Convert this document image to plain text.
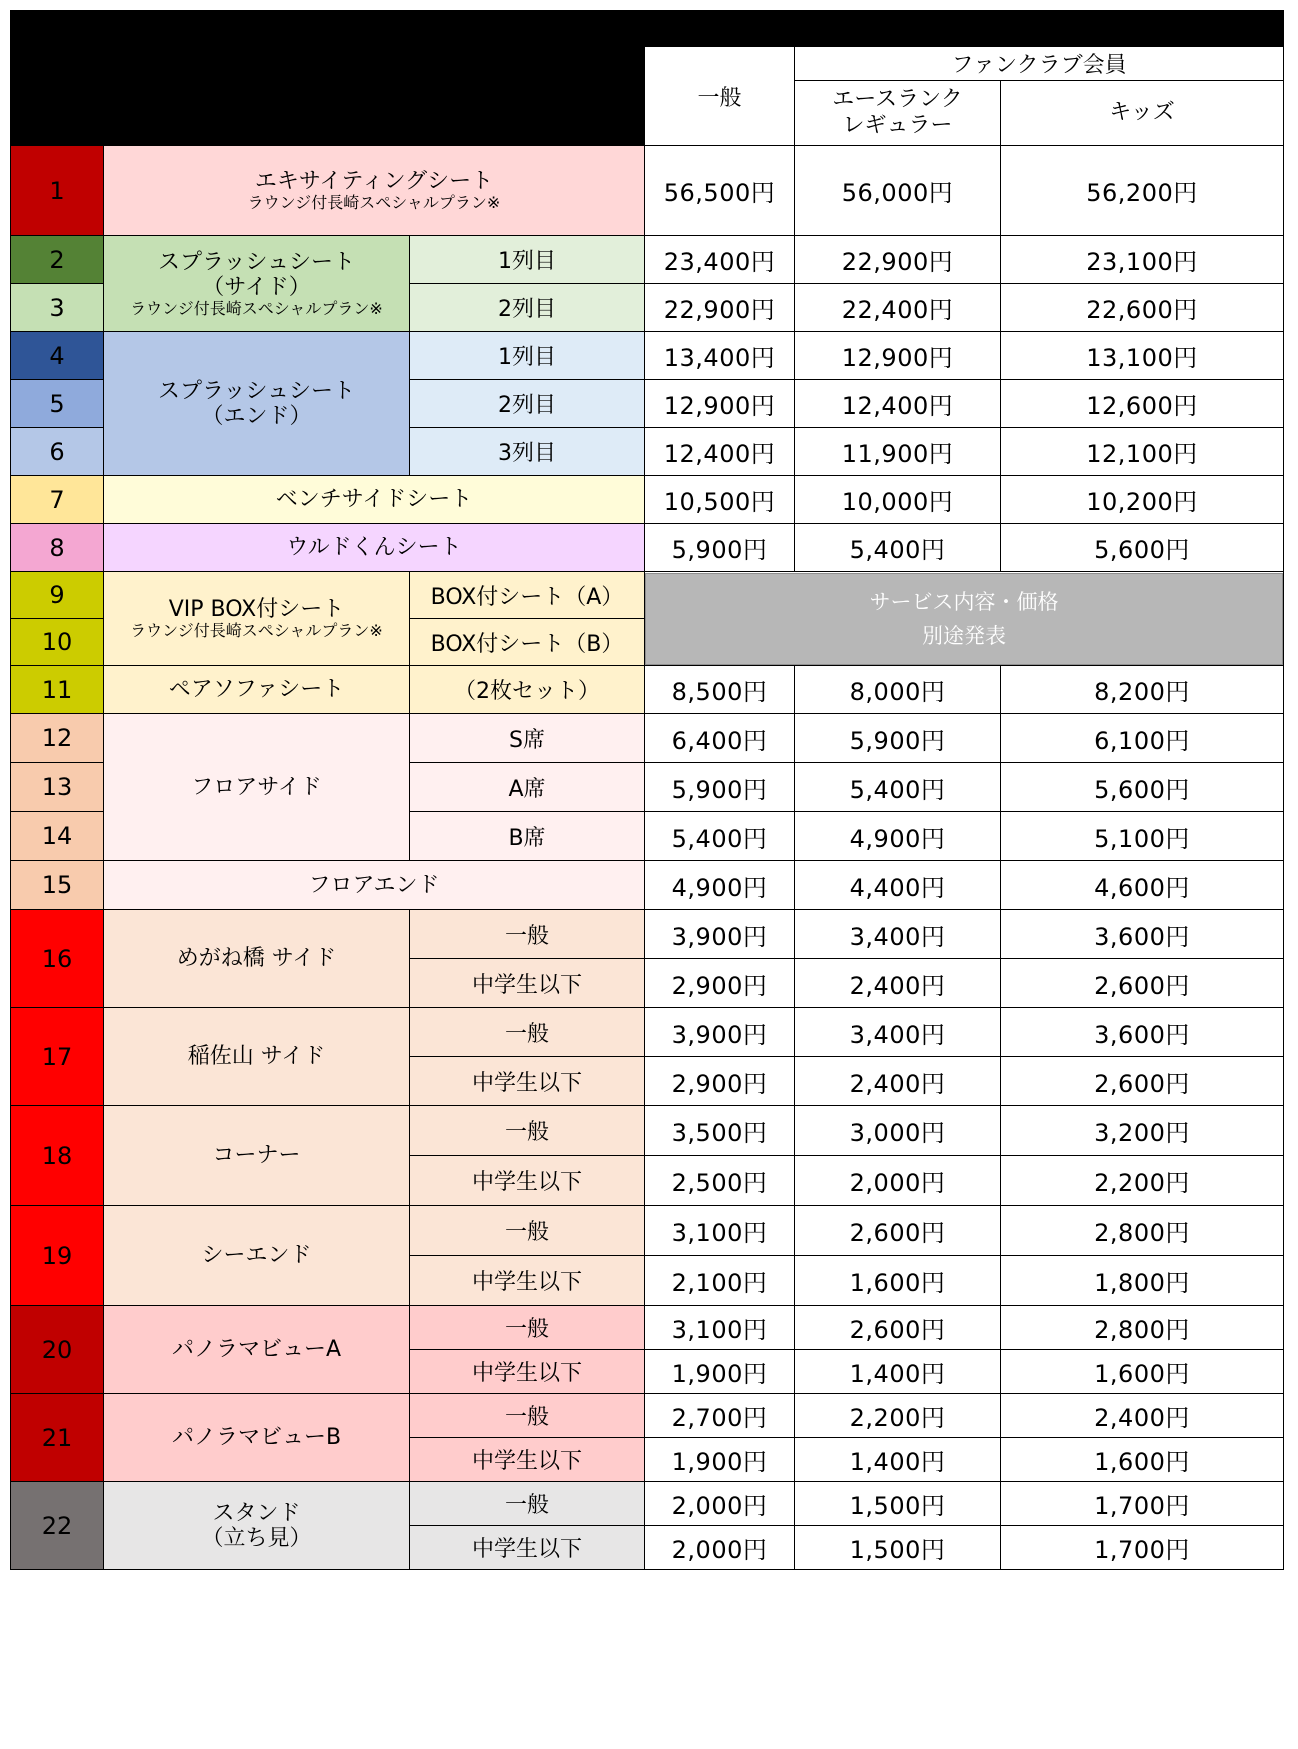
			前売価格		
			一般	ファンクラブ会員	
				エースランク
レギュラー	キッズ
1	エキサイティングシート
ラウンジ付長崎スペシャルプラン※		56,500円	56,000円	56,200円
2	スプラッシュシート
（サイド）
ラウンジ付長崎スペシャルプラン※	1列目	23,400円	22,900円	23,100円
3		2列目	22,900円	22,400円	22,600円
4	スプラッシュシート
（エンド）	1列目	13,400円	12,900円	13,100円
5		2列目	12,900円	12,400円	12,600円
6		3列目	12,400円	11,900円	12,100円
7	ベンチサイドシート		10,500円	10,000円	10,200円
8	ウルドくんシート		5,900円	5,400円	5,600円
9	VIP BOX付シート
ラウンジ付長崎スペシャルプラン※	BOX付シート（A）	サービス内容・価格
別途発表		

10		BOX付シート（B）			
11	ペアソファシート	（2枚セット）	8,500円	8,000円	8,200円
12	フロアサイド	S席	6,400円	5,900円	6,100円
13		A席	5,900円	5,400円	5,600円
14		B席	5,400円	4,900円	5,100円
15	フロアエンド		4,900円	4,400円	4,600円
16	めがね橋 サイド	一般	3,900円	3,400円	3,600円
		中学生以下	2,900円	2,400円	2,600円
17	稲佐山 サイド	一般	3,900円	3,400円	3,600円
		中学生以下	2,900円	2,400円	2,600円
18	コーナー	一般	3,500円	3,000円	3,200円
		中学生以下	2,500円	2,000円	2,200円
19	シーエンド	一般	3,100円	2,600円	2,800円
		中学生以下	2,100円	1,600円	1,800円
20	パノラマビューA	一般	3,100円	2,600円	2,800円
		中学生以下	1,900円	1,400円	1,600円
21	パノラマビューB	一般	2,700円	2,200円	2,400円
		中学生以下	1,900円	1,400円	1,600円
22	スタンド
（立ち見）	一般	2,000円	1,500円	1,700円
		中学生以下	2,000円	1,500円	1,700円
